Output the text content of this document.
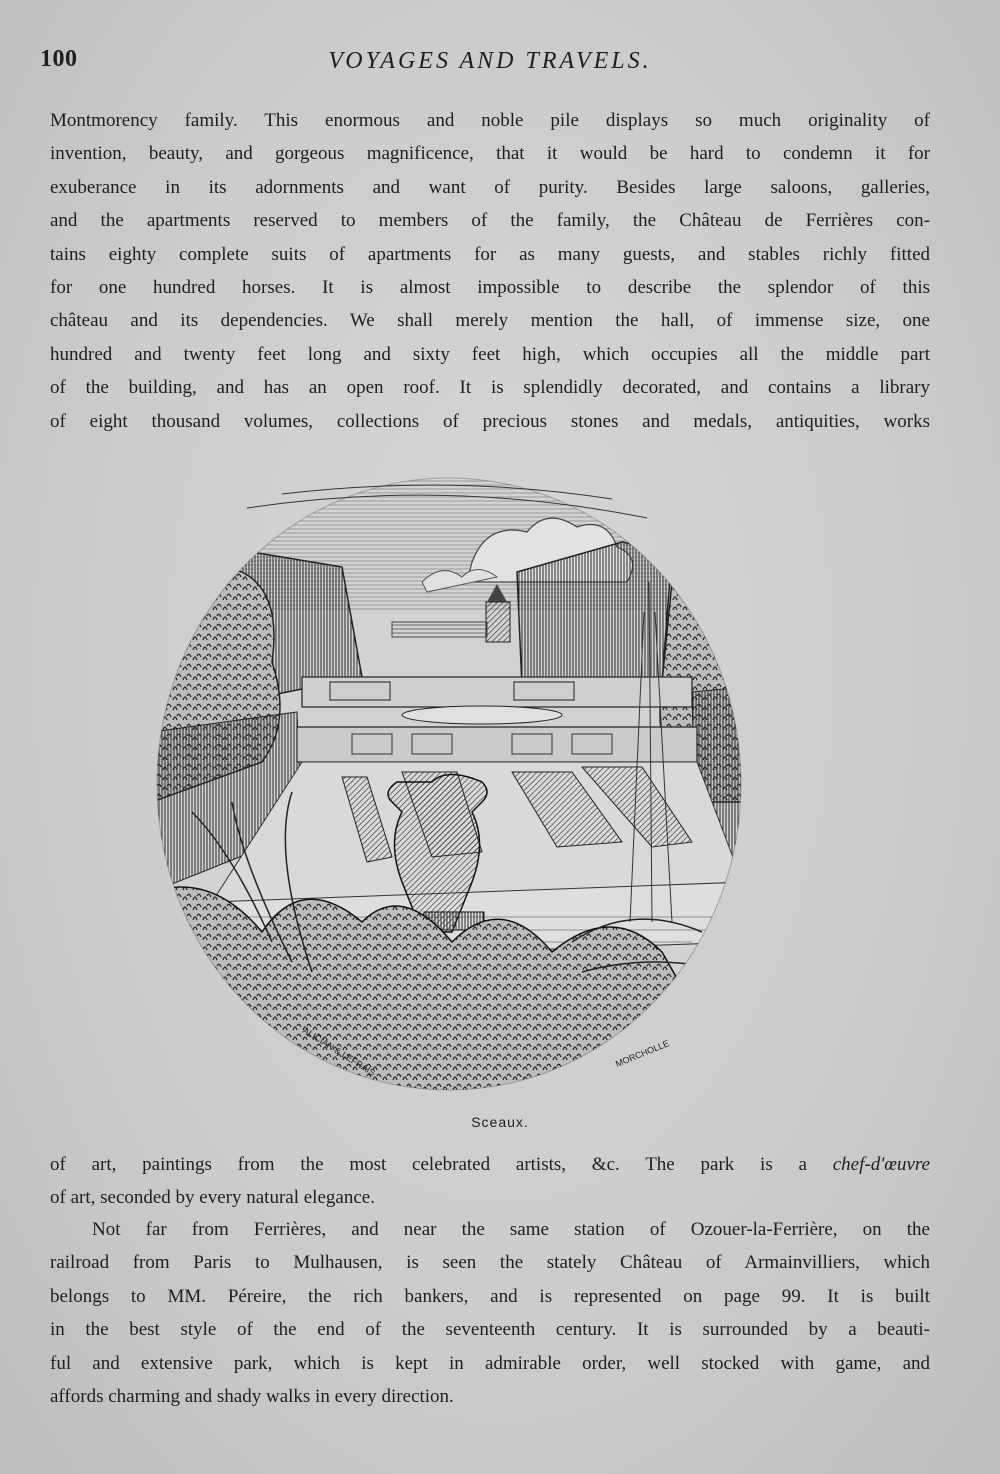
100	VOYAGES AND TRAVELS.
Montmorency family. This enormous and noble pile displays so much originality of
invention, beauty, and gorgeous magnificence, that it would be hard to condemn it for
exuberance in its adornments and want of purity. Besides large saloons, galleries,
and the apartments reserved to members of the family, the Château de Ferrières con-
tains eighty complete suits of apartments for as many guests, and stables richly fitted
for one hundred horses. It is almost impossible to describe the splendor of this
château and its dependencies. We shall merely mention the hall, of immense size, one
hundred and twenty feet long and sixty feet high, which occupies all the middle part
of the building, and has an open roof. It is splendidly decorated, and contains a library
of eight thousand volumes, collections of precious stones and medals, antiquities, works
ALICIAN & LEFRAIS	MORCHOLLE
Sceaux.
of art, paintings from the most celebrated artists, &c. The park is a chef-d'œuvre
of art, seconded by every natural elegance.
Not far from Ferrières, and near the same station of Ozouer-la-Ferrière, on the
railroad from Paris to Mulhausen, is seen the stately Château of Armainvilliers, which
belongs to MM. Péreire, the rich bankers, and is represented on page 99. It is built
in the best style of the end of the seventeenth century. It is surrounded by a beauti-
ful and extensive park, which is kept in admirable order, well stocked with game, and
affords charming and shady walks in every direction.
